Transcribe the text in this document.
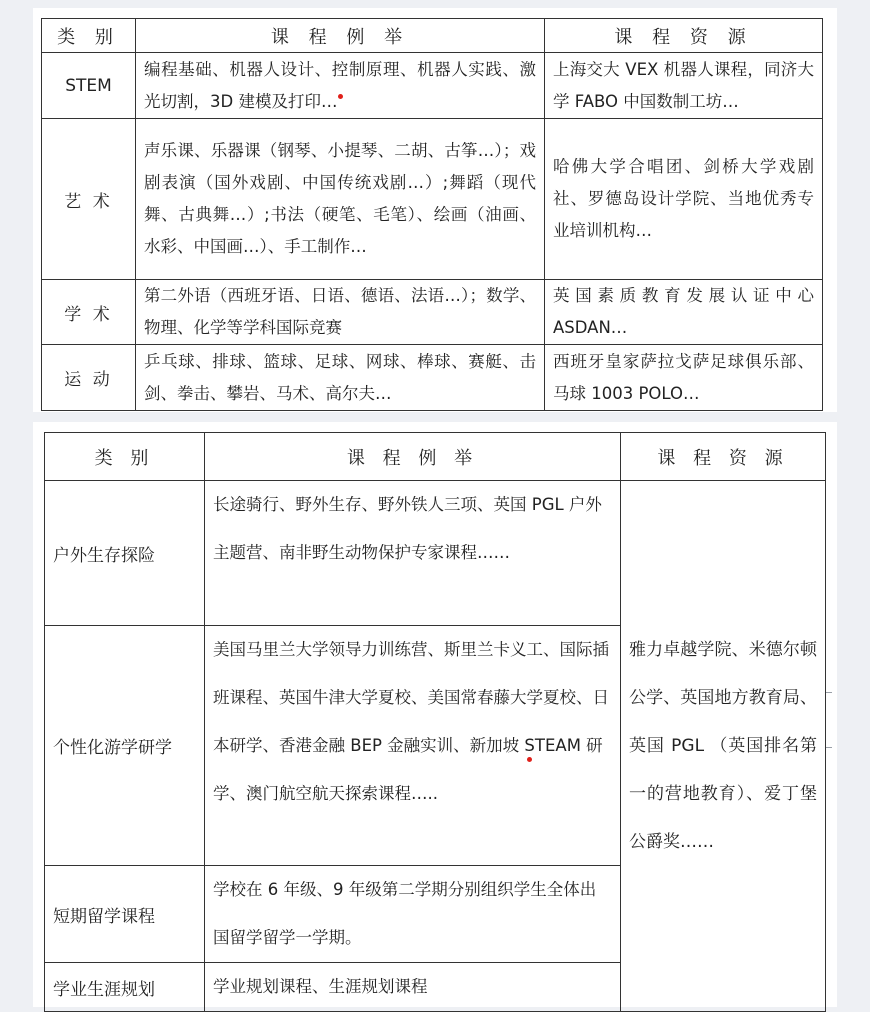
类 别	课 程 例 举	课 程 资 源
STEM	编程基础、机器人设计、控制原理、机器人实践、激光切割，3D 建模及打印…	上海交大 VEX 机器人课程，同济大学 FABO 中国数制工坊…
艺 术	声乐课、乐器课（钢琴、小提琴、二胡、古筝…）；戏剧表演（国外戏剧、中国传统戏剧…）;舞蹈（现代舞、古典舞…）;书法（硬笔、毛笔）、绘画（油画、水彩、中国画…）、手工制作…	哈佛大学合唱团、剑桥大学戏剧社、罗德岛设计学院、当地优秀专业培训机构…
学 术	第二外语（西班牙语、日语、德语、法语…）；数学、物理、化学等学科国际竞赛	英国素质教育发展认证中心 ASDAN…
运 动	乒乓球、排球、篮球、足球、网球、棒球、赛艇、击剑、拳击、攀岩、马术、高尔夫…	西班牙皇家萨拉戈萨足球俱乐部、马球 1003 POLO…
类 别	课 程 例 举	课 程 资 源
户外生存探险	长途骑行、野外生存、野外铁人三项、英国 PGL 户外主题营、南非野生动物保护专家课程……	雅力卓越学院、米德尔顿公学、英国地方教育局、英国 PGL （英国排名第一的营地教育）、爱丁堡公爵奖……
个性化游学研学	美国马里兰大学领导力训练营、斯里兰卡义工、国际插班课程、英国牛津大学夏校、美国常春藤大学夏校、日本研学、香港金融 BEP 金融实训、新加坡 STEAM 研学、澳门航空航天探索课程…..	
短期留学课程	学校在 6 年级、9 年级第二学期分别组织学生全体出国留学留学一学期。	
学业生涯规划	学业规划课程、生涯规划课程	
